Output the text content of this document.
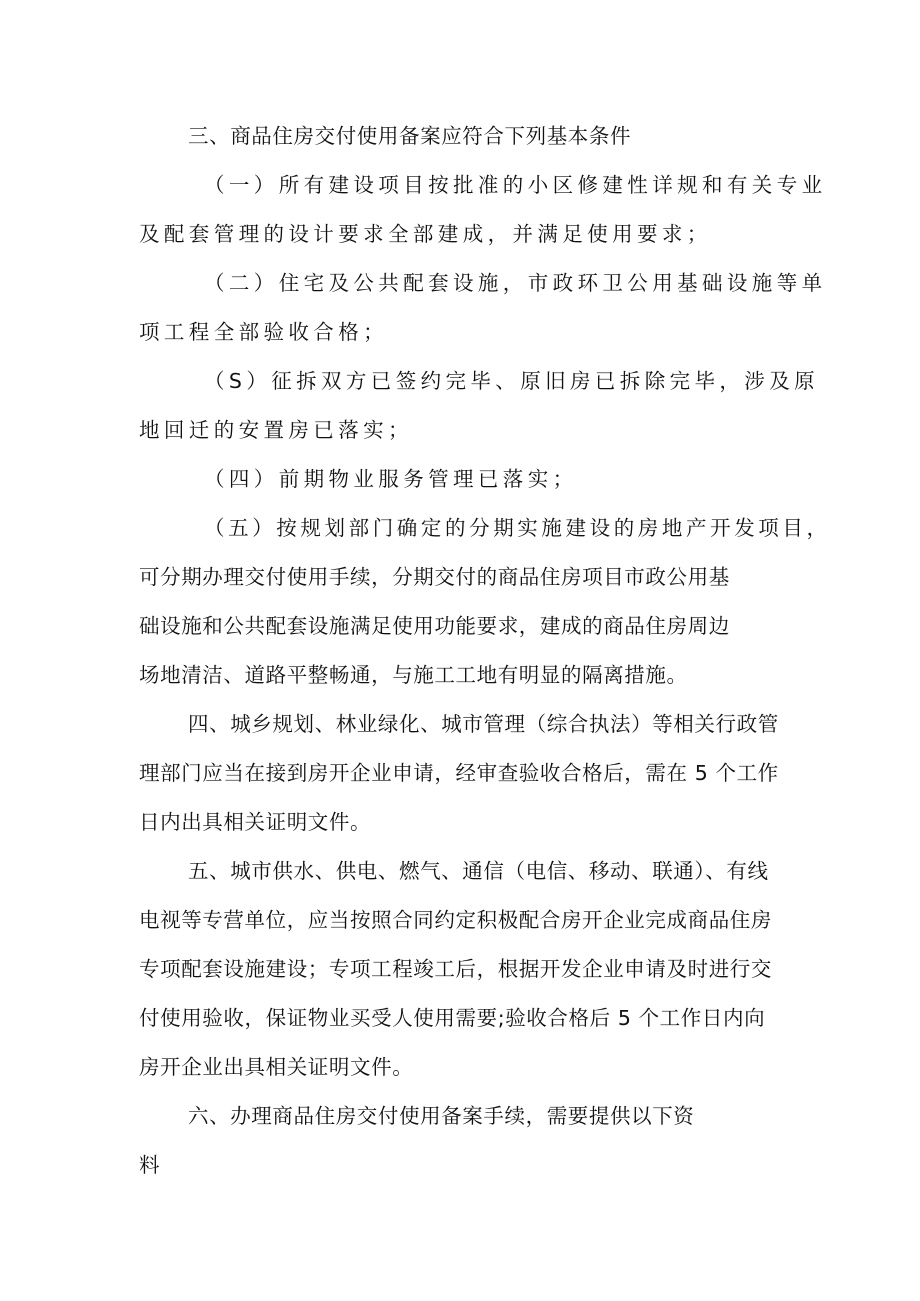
三、商品住房交付使用备案应符合下列基本条件

（一）所有建设项目按批准的小区修建性详规和有关专业

及配套管理的设计要求全部建成，并满足使用要求；

（二）住宅及公共配套设施，市政环卫公用基础设施等单

项工程全部验收合格；

（S）征拆双方已签约完毕、原旧房已拆除完毕，涉及原

地回迁的安置房已落实；

（四）前期物业服务管理已落实；

（五）按规划部门确定的分期实施建设的房地产开发项目，

可分期办理交付使用手续，分期交付的商品住房项目市政公用基

础设施和公共配套设施满足使用功能要求，建成的商品住房周边

场地清洁、道路平整畅通，与施工工地有明显的隔离措施。

四、城乡规划、林业绿化、城市管理（综合执法）等相关行政管

理部门应当在接到房开企业申请，经审查验收合格后，需在 5 个工作

日内出具相关证明文件。

五、城市供水、供电、燃气、通信（电信、移动、联通）、有线

电视等专营单位，应当按照合同约定积极配合房开企业完成商品住房

专项配套设施建设；专项工程竣工后，根据开发企业申请及时进行交

付使用验收，保证物业买受人使用需要;验收合格后 5 个工作日内向

房开企业出具相关证明文件。

六、办理商品住房交付使用备案手续，需要提供以下资

料
